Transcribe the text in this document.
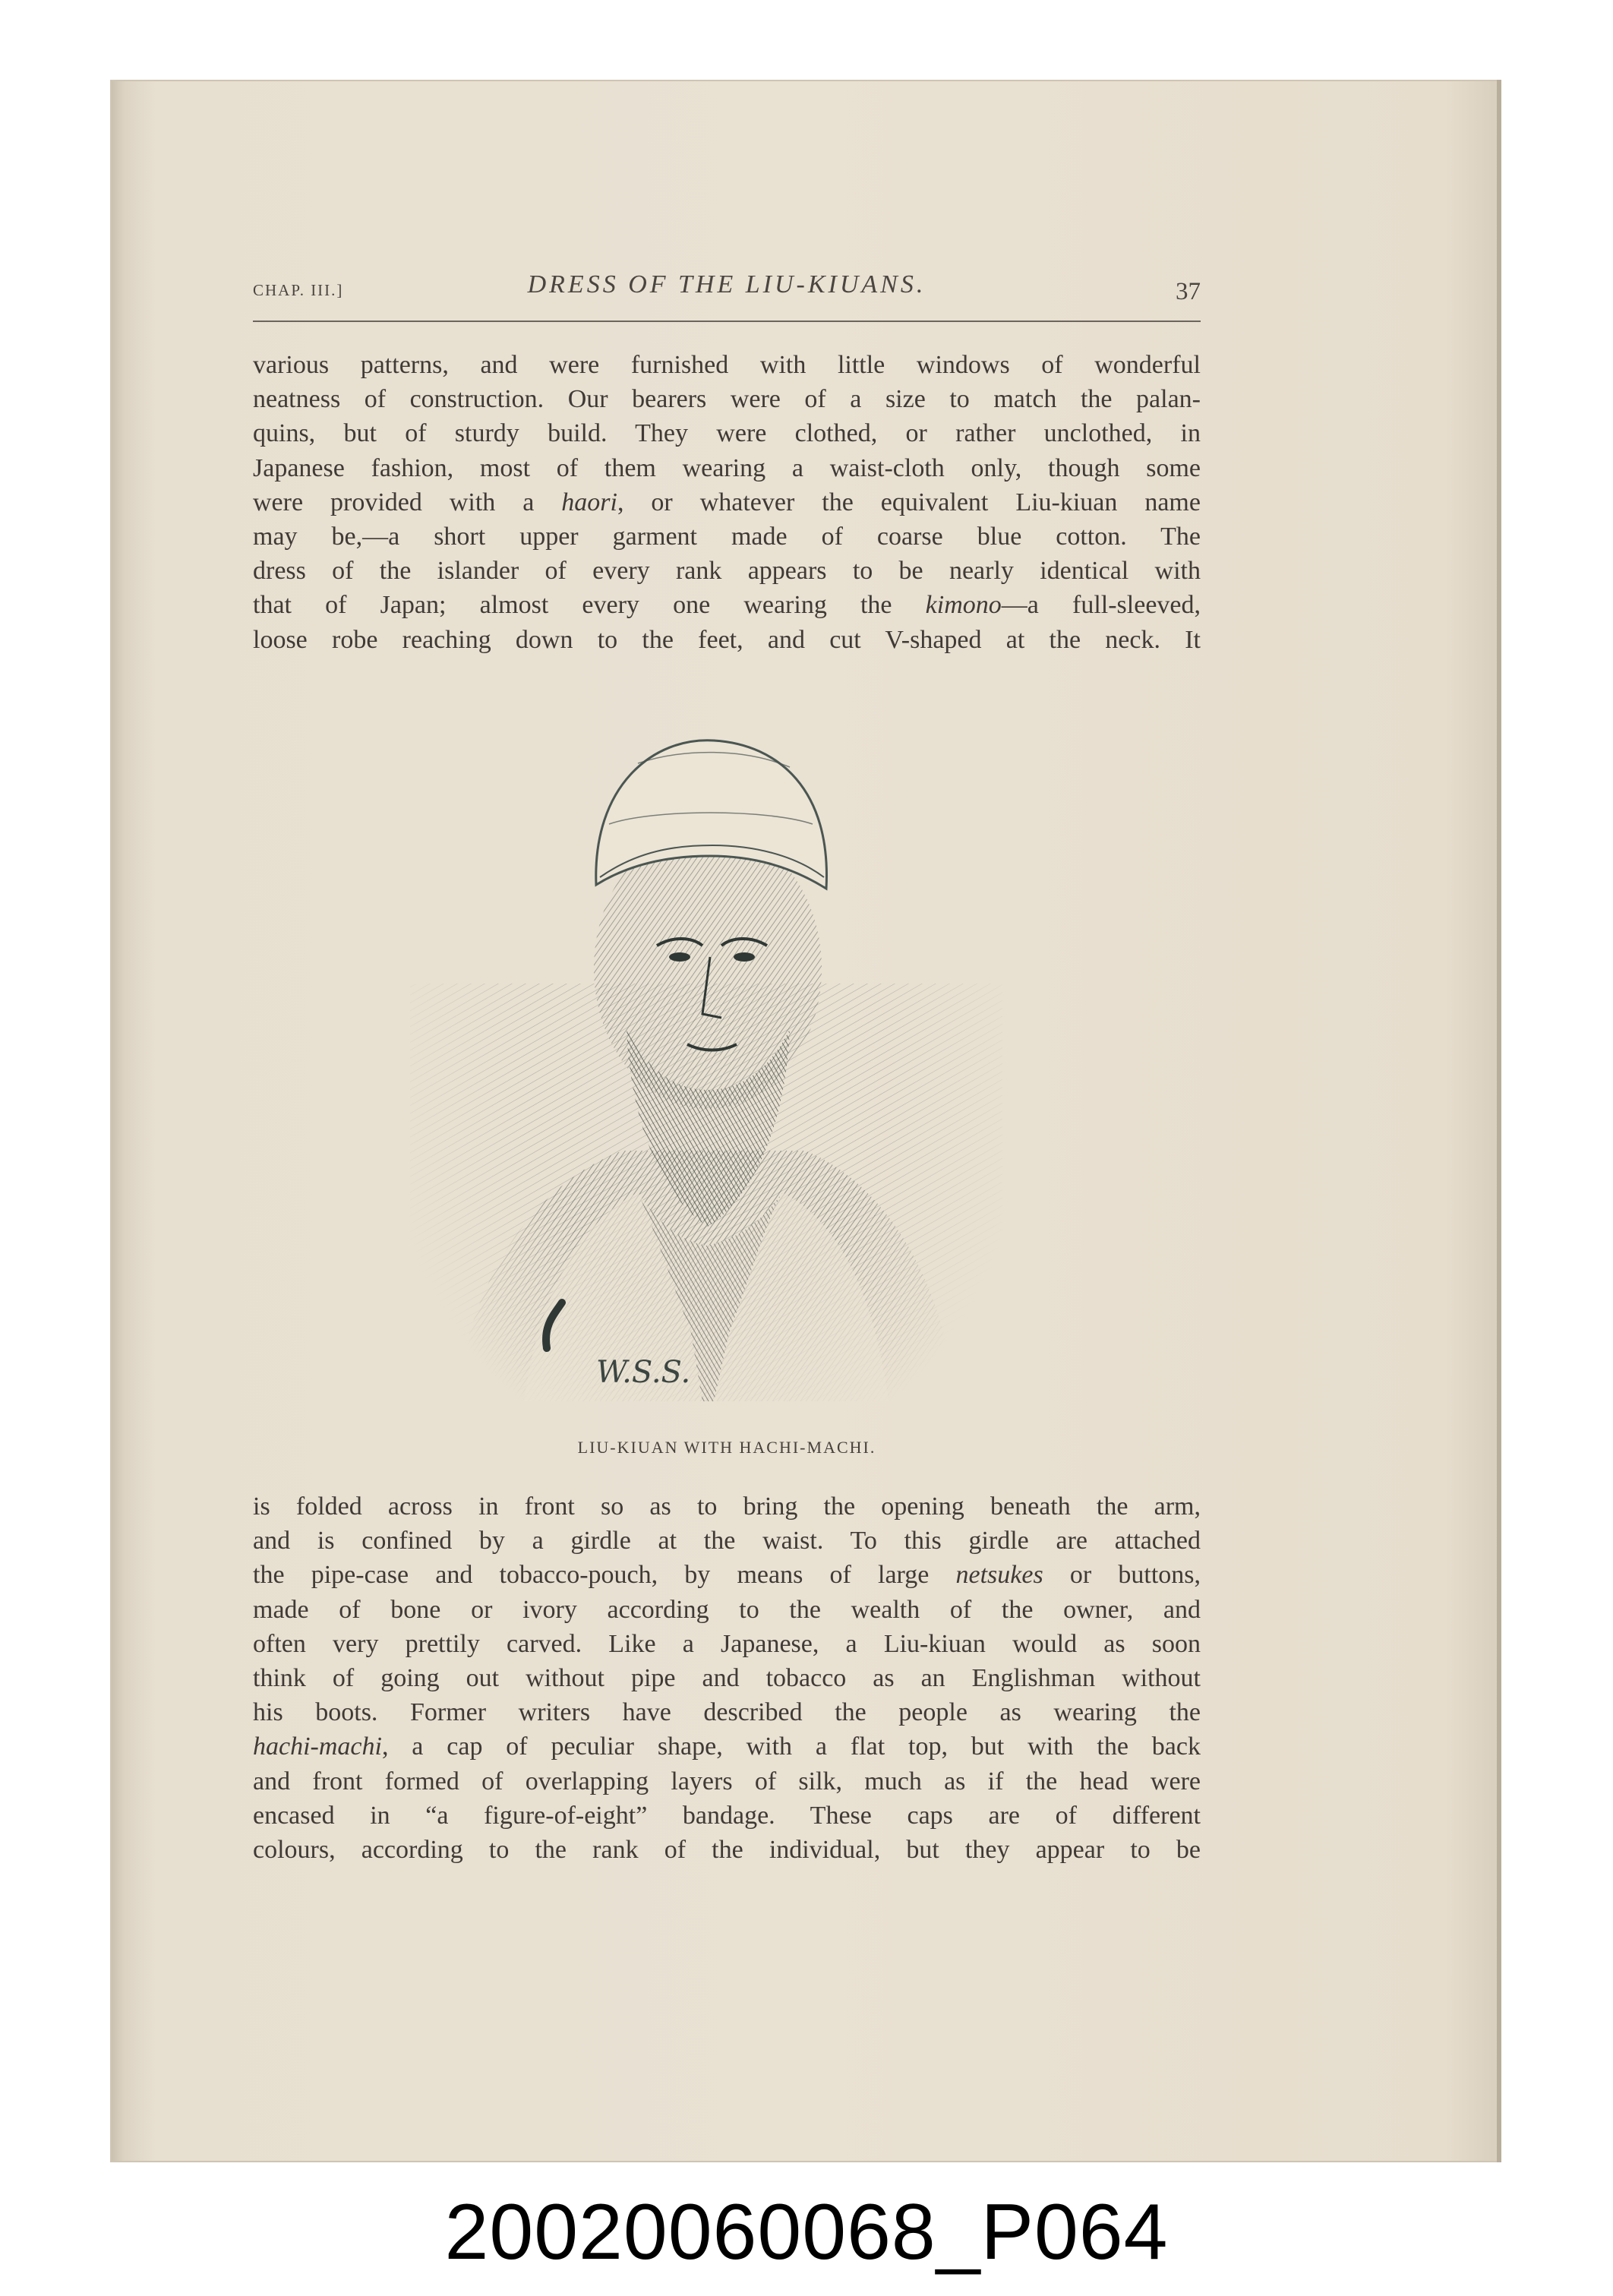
CHAP. III.]	DRESS OF THE LIU-KIUANS.	37
various patterns, and were furnished with little windows of wonderful
neatness of construction. Our bearers were of a size to match the palan-
quins, but of sturdy build. They were clothed, or rather unclothed, in
Japanese fashion, most of them wearing a waist-cloth only, though some
were provided with a haori, or whatever the equivalent Liu-kiuan name
may be,—a short upper garment made of coarse blue cotton. The
dress of the islander of every rank appears to be nearly identical with
that of Japan; almost every one wearing the kimono—a full-sleeved,
loose robe reaching down to the feet, and cut V-shaped at the neck. It
W.S.S.
LIU-KIUAN WITH HACHI-MACHI.
is folded across in front so as to bring the opening beneath the arm,
and is confined by a girdle at the waist. To this girdle are attached
the pipe-case and tobacco-pouch, by means of large netsukes or buttons,
made of bone or ivory according to the wealth of the owner, and
often very prettily carved. Like a Japanese, a Liu-kiuan would as soon
think of going out without pipe and tobacco as an Englishman without
his boots. Former writers have described the people as wearing the
hachi-machi, a cap of peculiar shape, with a flat top, but with the back
and front formed of overlapping layers of silk, much as if the head were
encased in “a figure-of-eight” bandage. These caps are of different
colours, according to the rank of the individual, but they appear to be
20020060068_P064
